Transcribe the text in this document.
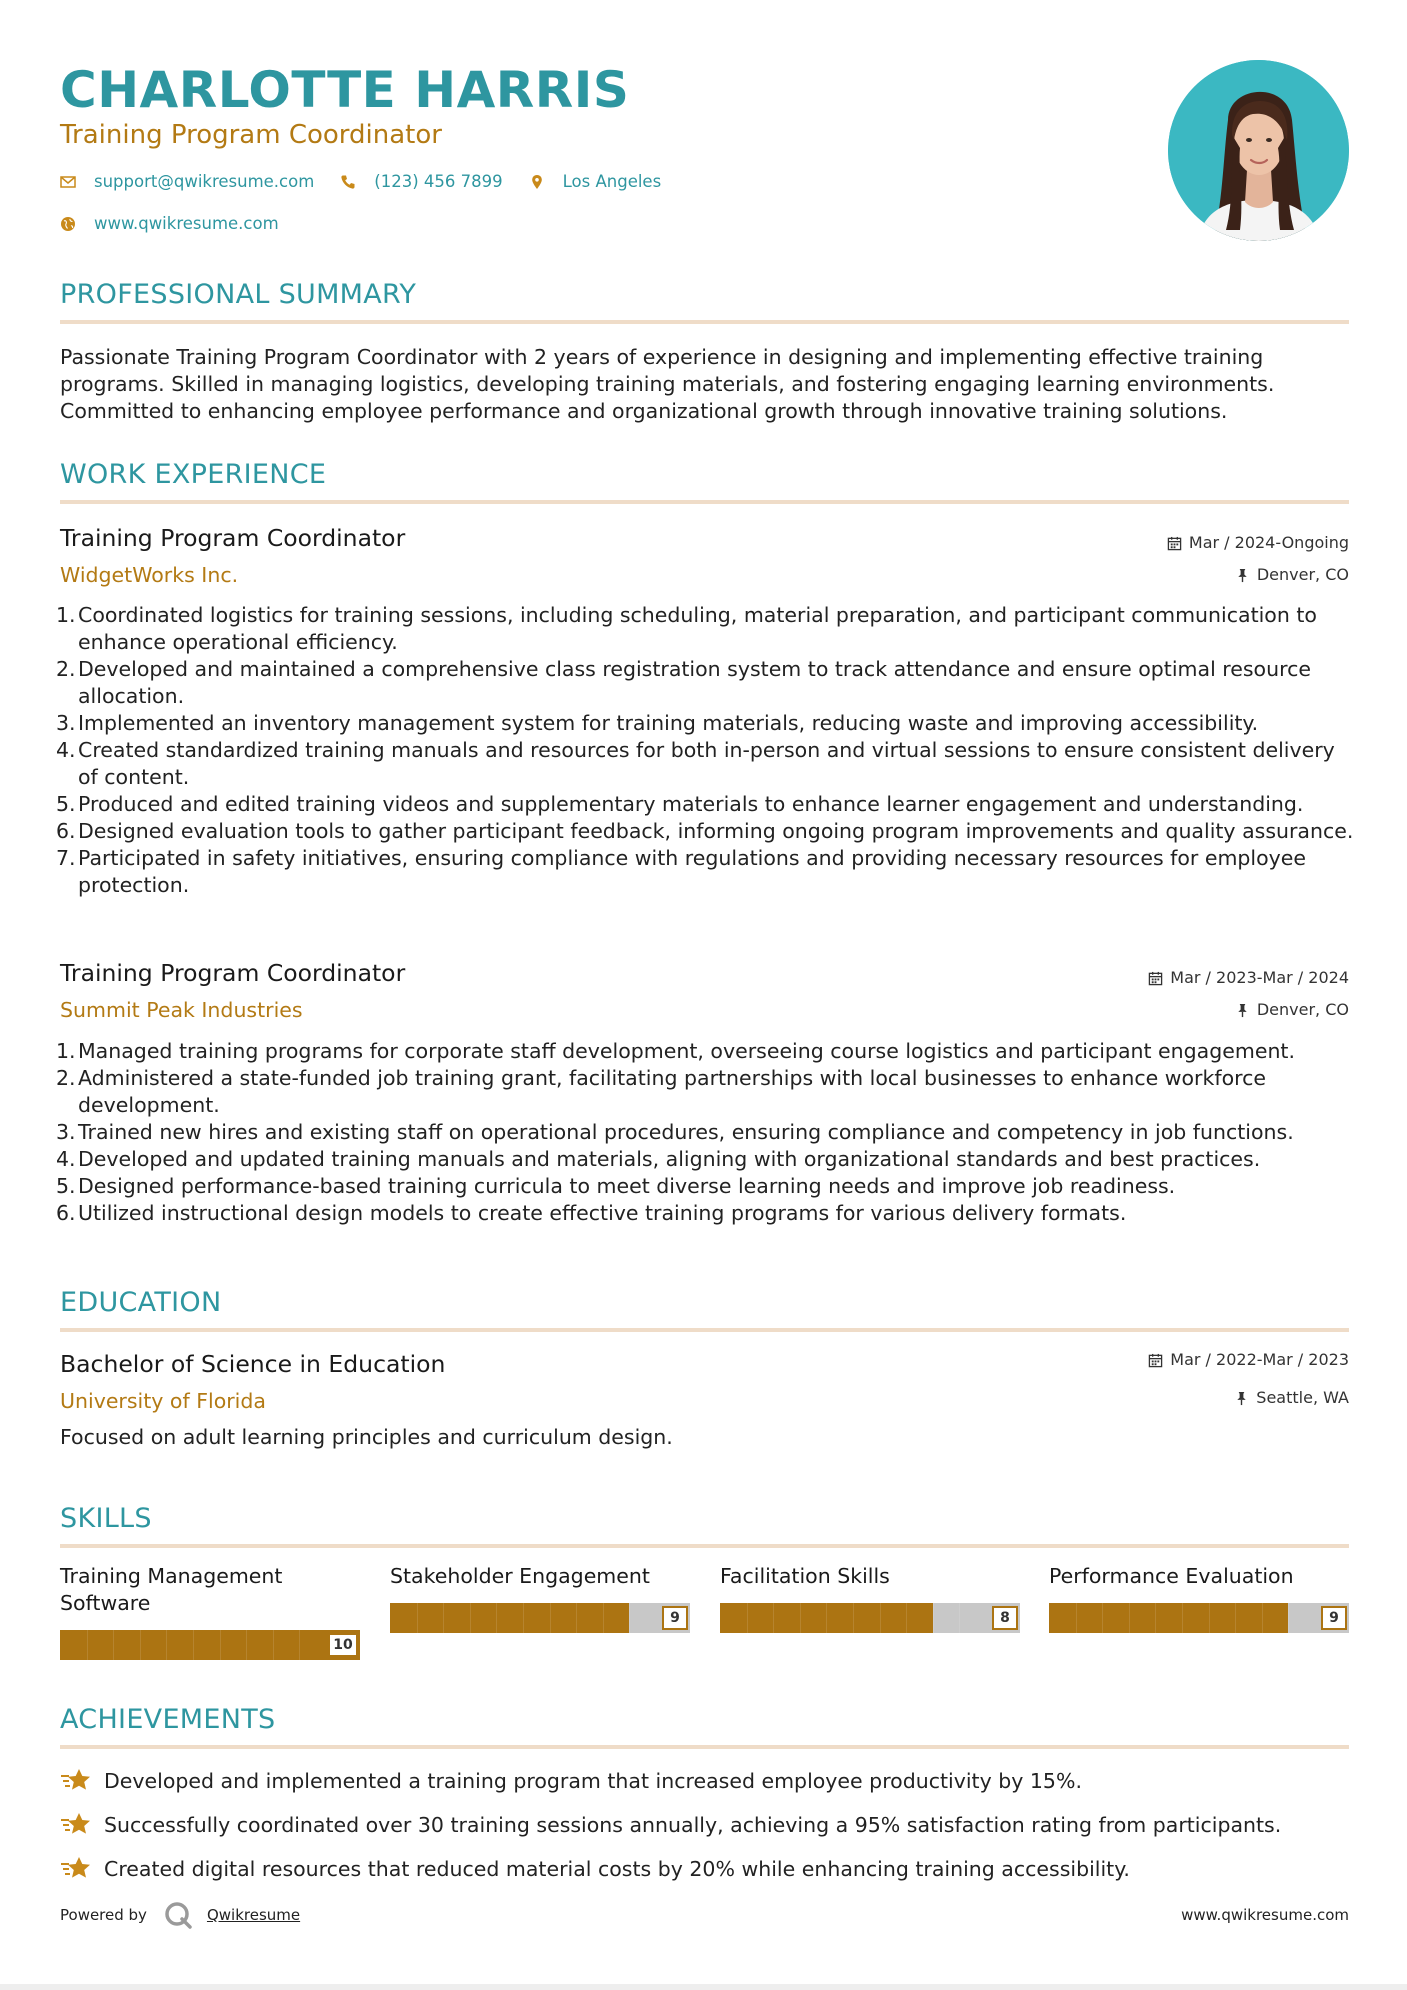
CHARLOTTE HARRIS
Training Program Coordinator
support@qwikresume.com	(123) 456 7899	Los Angeles
www.qwikresume.com
PROFESSIONAL SUMMARY
Passionate Training Program Coordinator with 2 years of experience in designing and implementing effective training programs. Skilled in managing logistics, developing training materials, and fostering engaging learning environments. Committed to enhancing employee performance and organizational growth through innovative training solutions.
WORK EXPERIENCE
Training Program Coordinator
WidgetWorks Inc.
Mar / 2024-Ongoing
Denver, CO
1. Coordinated logistics for training sessions, including scheduling, material preparation, and participant communication to enhance operational efficiency.
2. Developed and maintained a comprehensive class registration system to track attendance and ensure optimal resource allocation.
3. Implemented an inventory management system for training materials, reducing waste and improving accessibility.
4. Created standardized training manuals and resources for both in-person and virtual sessions to ensure consistent delivery of content.
5. Produced and edited training videos and supplementary materials to enhance learner engagement and understanding.
6. Designed evaluation tools to gather participant feedback, informing ongoing program improvements and quality assurance.
7. Participated in safety initiatives, ensuring compliance with regulations and providing necessary resources for employee protection.
Training Program Coordinator
Summit Peak Industries
Mar / 2023-Mar / 2024
Denver, CO
1. Managed training programs for corporate staff development, overseeing course logistics and participant engagement.
2. Administered a state-funded job training grant, facilitating partnerships with local businesses to enhance workforce development.
3. Trained new hires and existing staff on operational procedures, ensuring compliance and competency in job functions.
4. Developed and updated training manuals and materials, aligning with organizational standards and best practices.
5. Designed performance-based training curricula to meet diverse learning needs and improve job readiness.
6. Utilized instructional design models to create effective training programs for various delivery formats.
EDUCATION
Bachelor of Science in Education
University of Florida
Mar / 2022-Mar / 2023
Seattle, WA
Focused on adult learning principles and curriculum design.
SKILLS
Training Management Software
10
Stakeholder Engagement
9
Facilitation Skills
8
Performance Evaluation
9
ACHIEVEMENTS
Developed and implemented a training program that increased employee productivity by 15%.
Successfully coordinated over 30 training sessions annually, achieving a 95% satisfaction rating from participants.
Created digital resources that reduced material costs by 20% while enhancing training accessibility.
Powered by	Qwikresume	www.qwikresume.com
